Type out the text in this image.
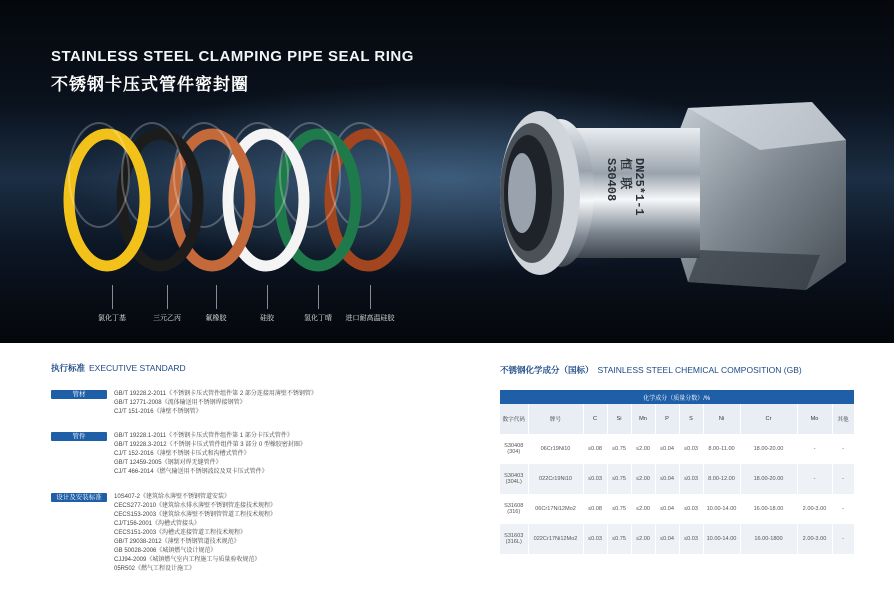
STAINLESS STEEL CLAMPING PIPE SEAL RING
不锈钢卡压式管件密封圈
恒 联 DN25*1-1
S30408
氯化丁基	三元乙丙	氟橡胶	硅胶	氢化丁晴 进口耐高温硅胶
执行标准 EXECUTIVE STANDARD
管材	GB/T 19228.2-2011《不锈钢卡压式管件组件第 2 部分连接用薄壁不锈钢管》
GB/T 12771-2008《流体输送用不锈钢焊接钢管》
CJ/T 151-2016《薄壁不锈钢管》
管件	GB/T 19228.1-2011《不锈钢卡压式管件组件第 1 部分卡压式管件》
GB/T 19228.3-2012《不锈钢卡压式管件组件第 3 部分 0 型橡胶密封圈》
CJ/T 152-2016《薄壁不锈钢卡压式和沟槽式管件》
GB/T 12459-2005《钢制对焊无缝管件》
CJ/T 466-2014《燃气输送用不锈钢波纹及双卡压式管件》
设计及安装标准	10S407-2《建筑给水薄壁不锈钢管道安装》
CECS277-2010《建筑给水排水薄壁不锈钢管连接技术规程》
CECS153-2003《建筑给水薄壁不锈钢管管道工程技术规程》
CJ/T156-2001《沟槽式管接头》
CECS151-2003《沟槽式连接管道工程技术规程》
GB/T 29038-2012《薄壁不锈钢管道技术规范》
GB 50028-2006《城镇燃气设计规范》
CJJ94-2009《城镇燃气室内工程施工与质量验收规范》
05R502《燃气工程设计施工》
不锈钢化学成分（国标） STAINLESS STEEL CHEMICAL COMPOSITION (GB)
化学成分（质量分数）/%										
数字代码	牌号	C	Si	Mn	P	S	Ni	Cr	Mo	其他
S30408
(304)	06Cr19Ni10	≤0.08	≤0.75	≤2.00	≤0.04	≤0.03	8.00-11.00	18.00-20.00	-	-
S30403
(304L)	022Cr19Ni10	≤0.03	≤0.75	≤2.00	≤0.04	≤0.03	8.00-12.00	18.00-20.00	-	-
S31608
(316)	06Cr17Ni12Mo2	≤0.08	≤0.75	≤2.00	≤0.04	≤0.03	10.00-14.00	16.00-18.00	2.00-3.00	-
S31603
(316L)	022Cr17Ni12Mo2	≤0.03	≤0.75	≤2.00	≤0.04	≤0.03	10.00-14.00	16.00-1800	2.00-3.00	-
